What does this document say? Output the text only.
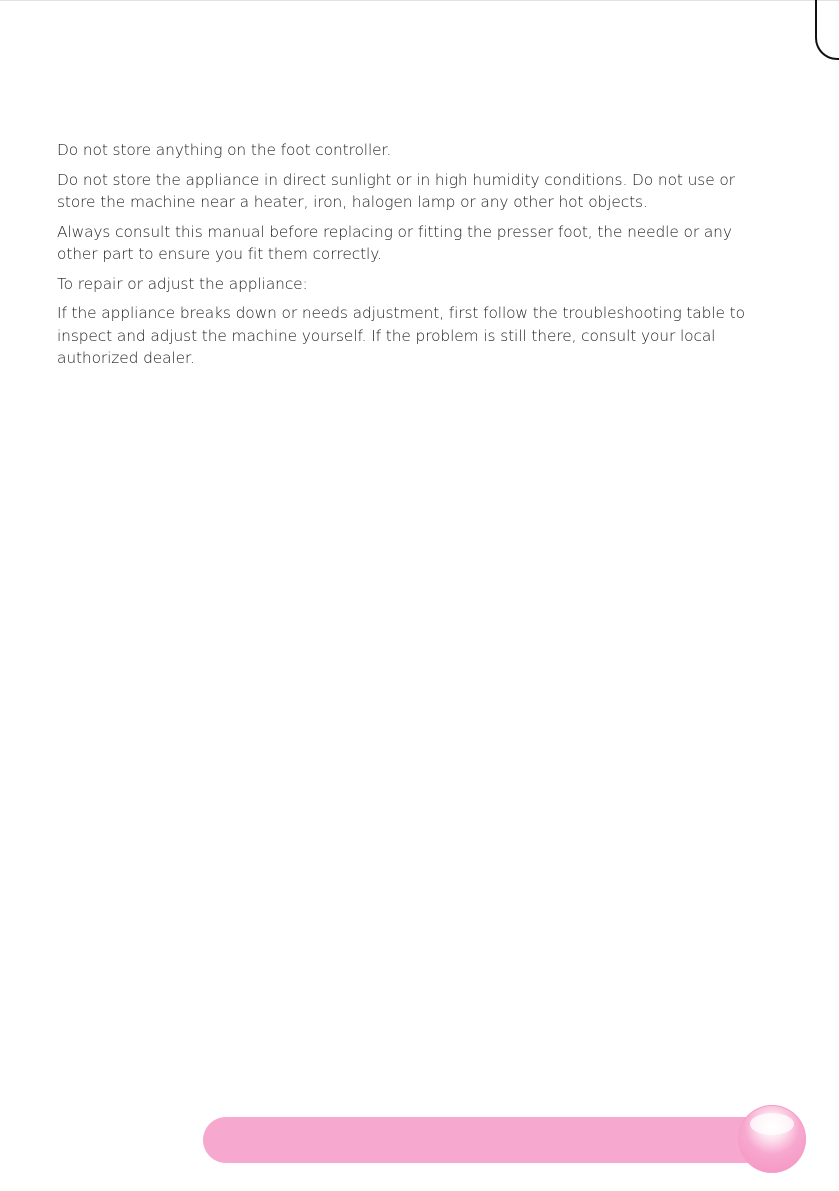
Do not store anything on the foot controller.

Do not store the appliance in direct sunlight or in high humidity conditions. Do not use or store the machine near a heater, iron, halogen lamp or any other hot objects.

Always consult this manual before replacing or fitting the presser foot, the needle or any other part to ensure you fit them correctly.

To repair or adjust the appliance:

If the appliance breaks down or needs adjustment, first follow the troubleshooting table to inspect and adjust the machine yourself. If the problem is still there, consult your local authorized dealer.
